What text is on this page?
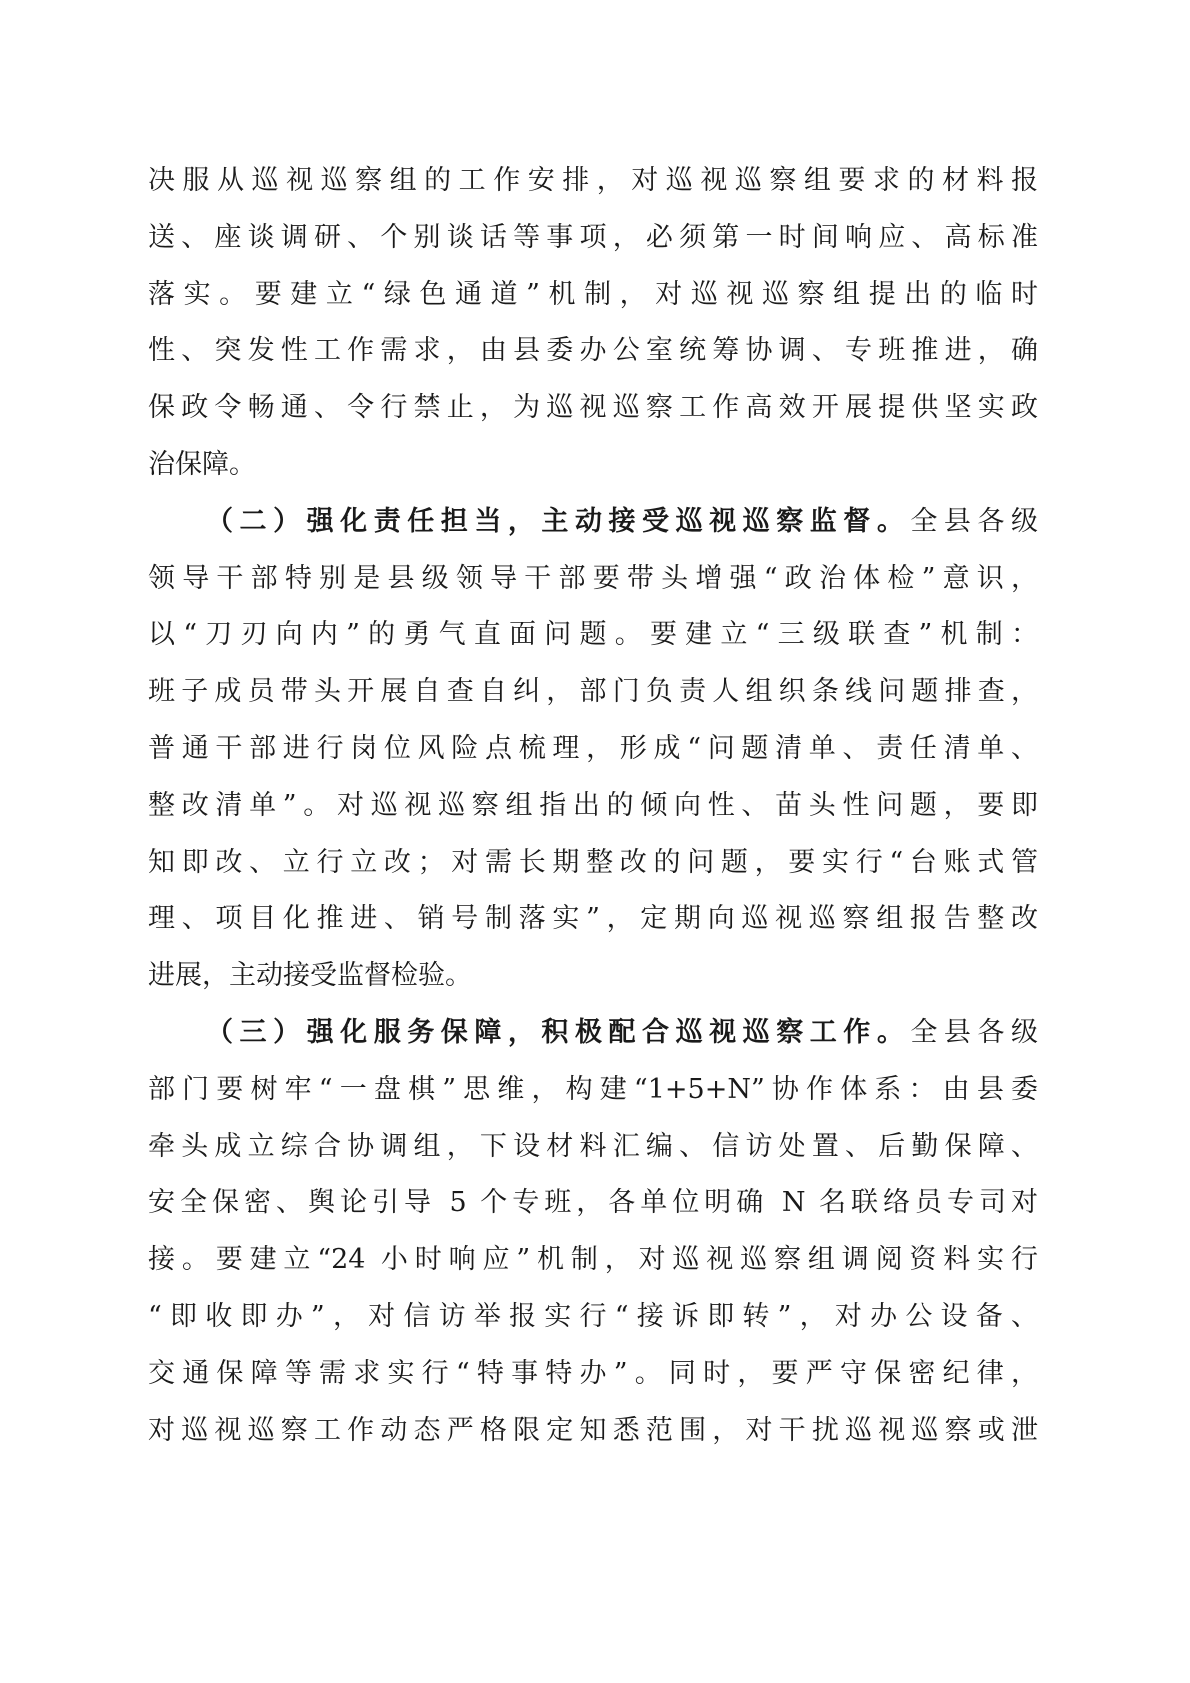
决服从巡视巡察组的工作安排，对巡视巡察组要求的材料报
送、座谈调研、个别谈话等事项，必须第一时间响应、高标准
落实。要建立“绿色通道”机制，对巡视巡察组提出的临时
性、突发性工作需求，由县委办公室统筹协调、专班推进，确
保政令畅通、令行禁止，为巡视巡察工作高效开展提供坚实政
治保障。
（二）强化责任担当，主动接受巡视巡察监督。全县各级
领导干部特别是县级领导干部要带头增强“政治体检”意识，
以“刀刃向内”的勇气直面问题。要建立“三级联查”机制：
班子成员带头开展自查自纠，部门负责人组织条线问题排查，
普通干部进行岗位风险点梳理，形成“问题清单、责任清单、
整改清单”。对巡视巡察组指出的倾向性、苗头性问题，要即
知即改、立行立改；对需长期整改的问题，要实行“台账式管
理、项目化推进、销号制落实”，定期向巡视巡察组报告整改
进展，主动接受监督检验。
（三）强化服务保障，积极配合巡视巡察工作。全县各级
部门要树牢“一盘棋”思维，构建“1+5+N”协作体系：由县委
牵头成立综合协调组，下设材料汇编、信访处置、后勤保障、
安全保密、舆论引导 5 个专班，各单位明确 N 名联络员专司对
接。要建立“24 小时响应”机制，对巡视巡察组调阅资料实行
“即收即办”，对信访举报实行“接诉即转”，对办公设备、
交通保障等需求实行“特事特办”。同时，要严守保密纪律，
对巡视巡察工作动态严格限定知悉范围，对干扰巡视巡察或泄
